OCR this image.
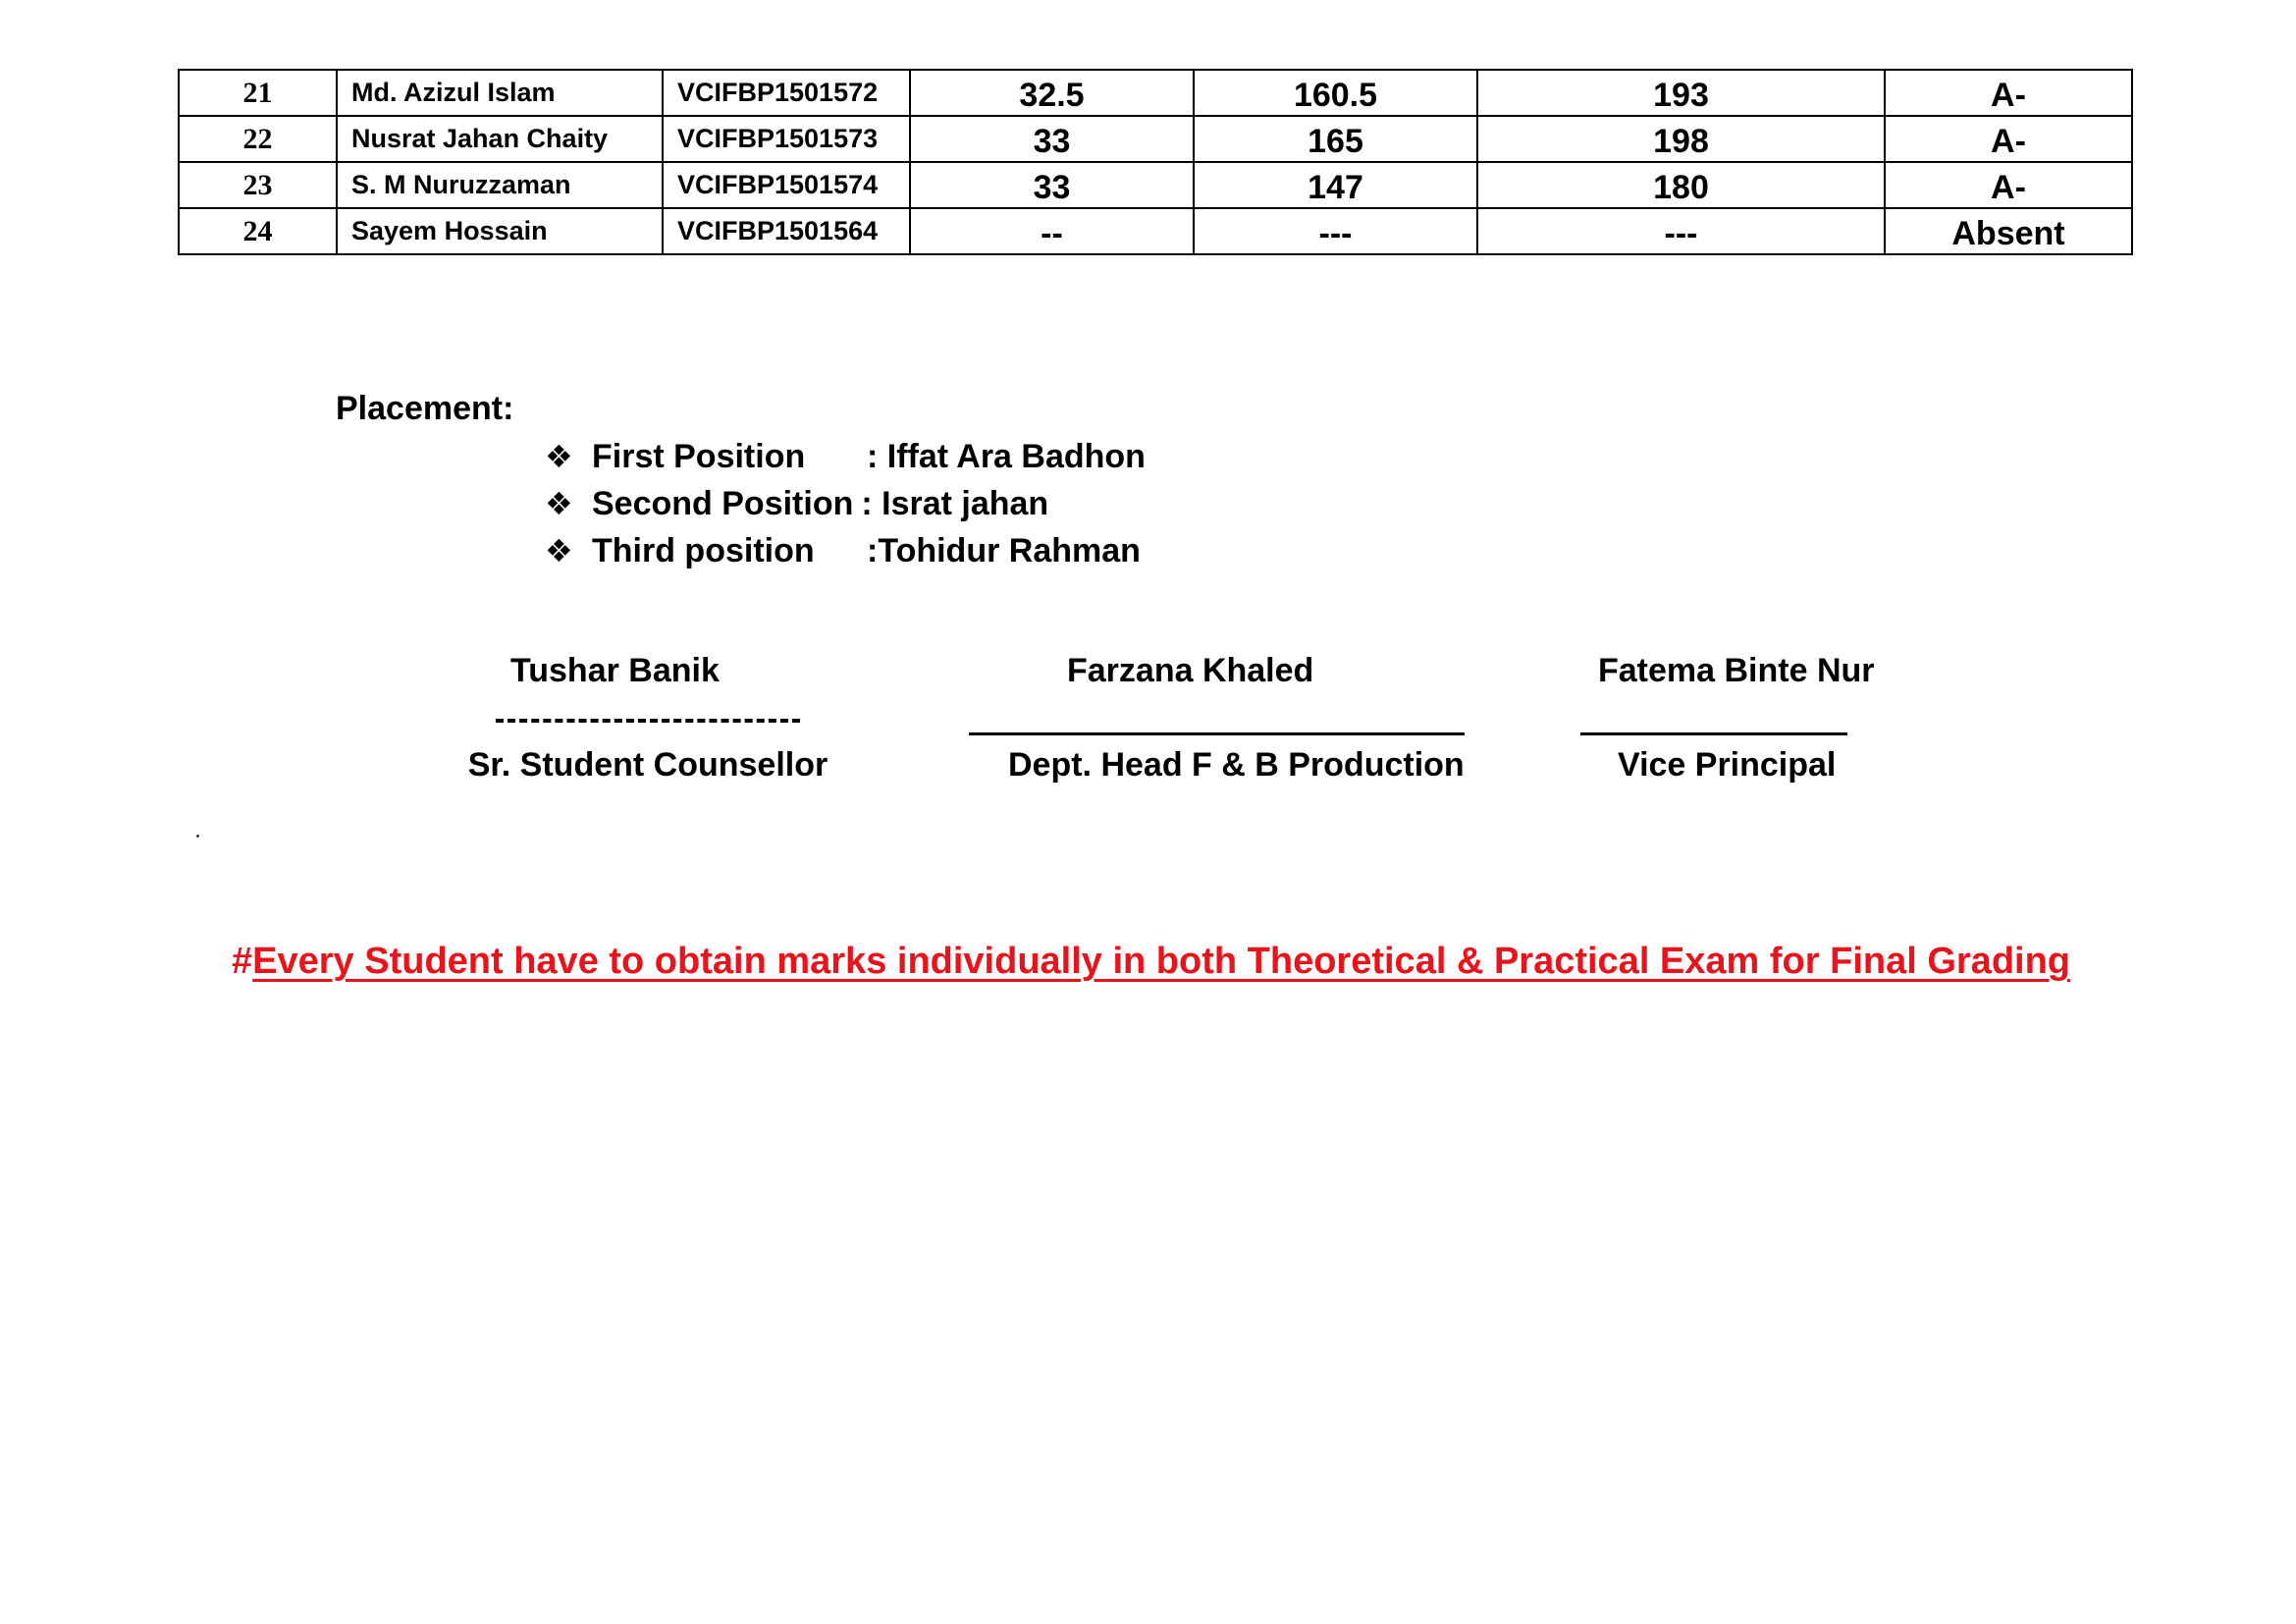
21	Md. Azizul Islam	VCIFBP1501572	32.5	160.5	193	A-
22	Nusrat Jahan Chaity	VCIFBP1501573	33	165	198	A-
23	S. M Nuruzzaman	VCIFBP1501574	33	147	180	A-
24	Sayem Hossain	VCIFBP1501564	--	---	---	Absent

Placement:

❖ First Position : Iffat Ara Badhon
❖ Second Position : Israt jahan
❖ Third position :Tohidur Rahman
Tushar Banik
Sr. Student Counsellor
Farzana Khaled
Dept. Head F & B Production
Fatema Binte Nur
Vice Principal
#Every Student have to obtain marks individually in both Theoretical & Practical Exam for Final Grading
